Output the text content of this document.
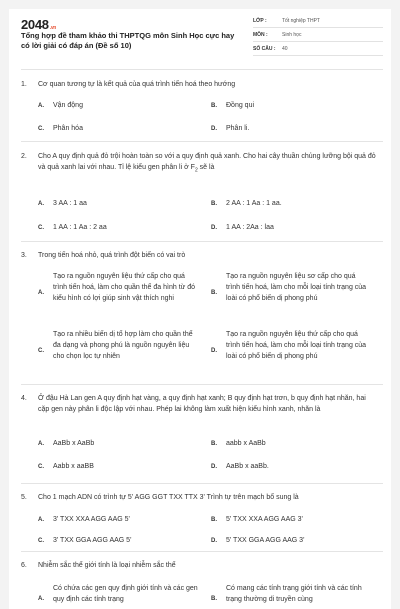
2048.vn
Tổng hợp đề tham khảo thi THPTQG môn Sinh Học cực hay có lời giải có đáp án (Đề số 10)
LỚP :	Tốt nghiệp THPT
MÔN :	Sinh học
SỐ CÂU :	40
1. Cơ quan tương tự là kết quả của quá trình tiến hoá theo hướng
A. Vận động	B. Đồng qui
C. Phân hóa	D. Phân li.
2. Cho A quy định quả đỏ trội hoàn toàn so với a quy định quả xanh. Cho hai cây thuần chủng lưỡng bội quả đỏ và quả xanh lai với nhau. Tỉ lệ kiểu gen phân li ở $F_2$ sẽ là
A. 3 AA : 1 aa	B. 2 AA : 1 Aa : 1 aa.
C. 1 AA : 1 Aa : 2 aa	D. 1 AA : 2Aa : laa
3. Trong tiến hoá nhỏ, quá trình đột biến có vai trò
A.
Tạo ra nguồn nguyên liệu thứ cấp cho quá trình tiến hoá, làm cho quần thể đa hình từ đó kiểu hình có lợi giúp sinh vật thích nghi
B.
Tạo ra nguồn nguyên liệu sơ cấp cho quá trình tiến hoá, làm cho mỗi loại tính trạng của loài có phổ biến dị phong phú
C.
Tạo ra nhiều biến dị tổ hợp làm cho quần thể đa dạng và phong phú là nguồn nguyên liệu cho chọn lọc tự nhiên
D.
Tạo ra nguồn nguyên liệu thứ cấp cho quá trình tiến hoá, làm cho mỗi loại tính trạng của loài có phổ biến dị phong phú
4. Ở đậu Hà Lan gen A quy định hạt vàng, a quy định hạt xanh; B quy định hạt trơn, b quy định hạt nhăn, hai cặp gen này phân li độc lập với nhau. Phép lai không làm xuất hiện kiểu hình xanh, nhăn là
A. AaBb x AaBb	B. aabb x AaBb
C. Aabb x aaBB	D. AaBb x aaBb.
5. Cho 1 mạch ADN có trình tự 5' AGG GGT TXX TTX 3' Trình tự trên mạch bổ sung là
A. 3' TXX XXA AGG AAG 5'	B. 5' TXX XXA AGG AAG 3'
C. 3' TXX GGA AGG AAG 5'	D. 5' TXX GGA AGG AAG 3'
6. Nhiễm sắc thể giới tính là loại nhiễm sắc thể
A.
Có chứa các gen quy định giới tính và các gen quy định các tính trạng	B.
Có mang các tính trạng giới tính và các tính trạng thường di truyền cùng
